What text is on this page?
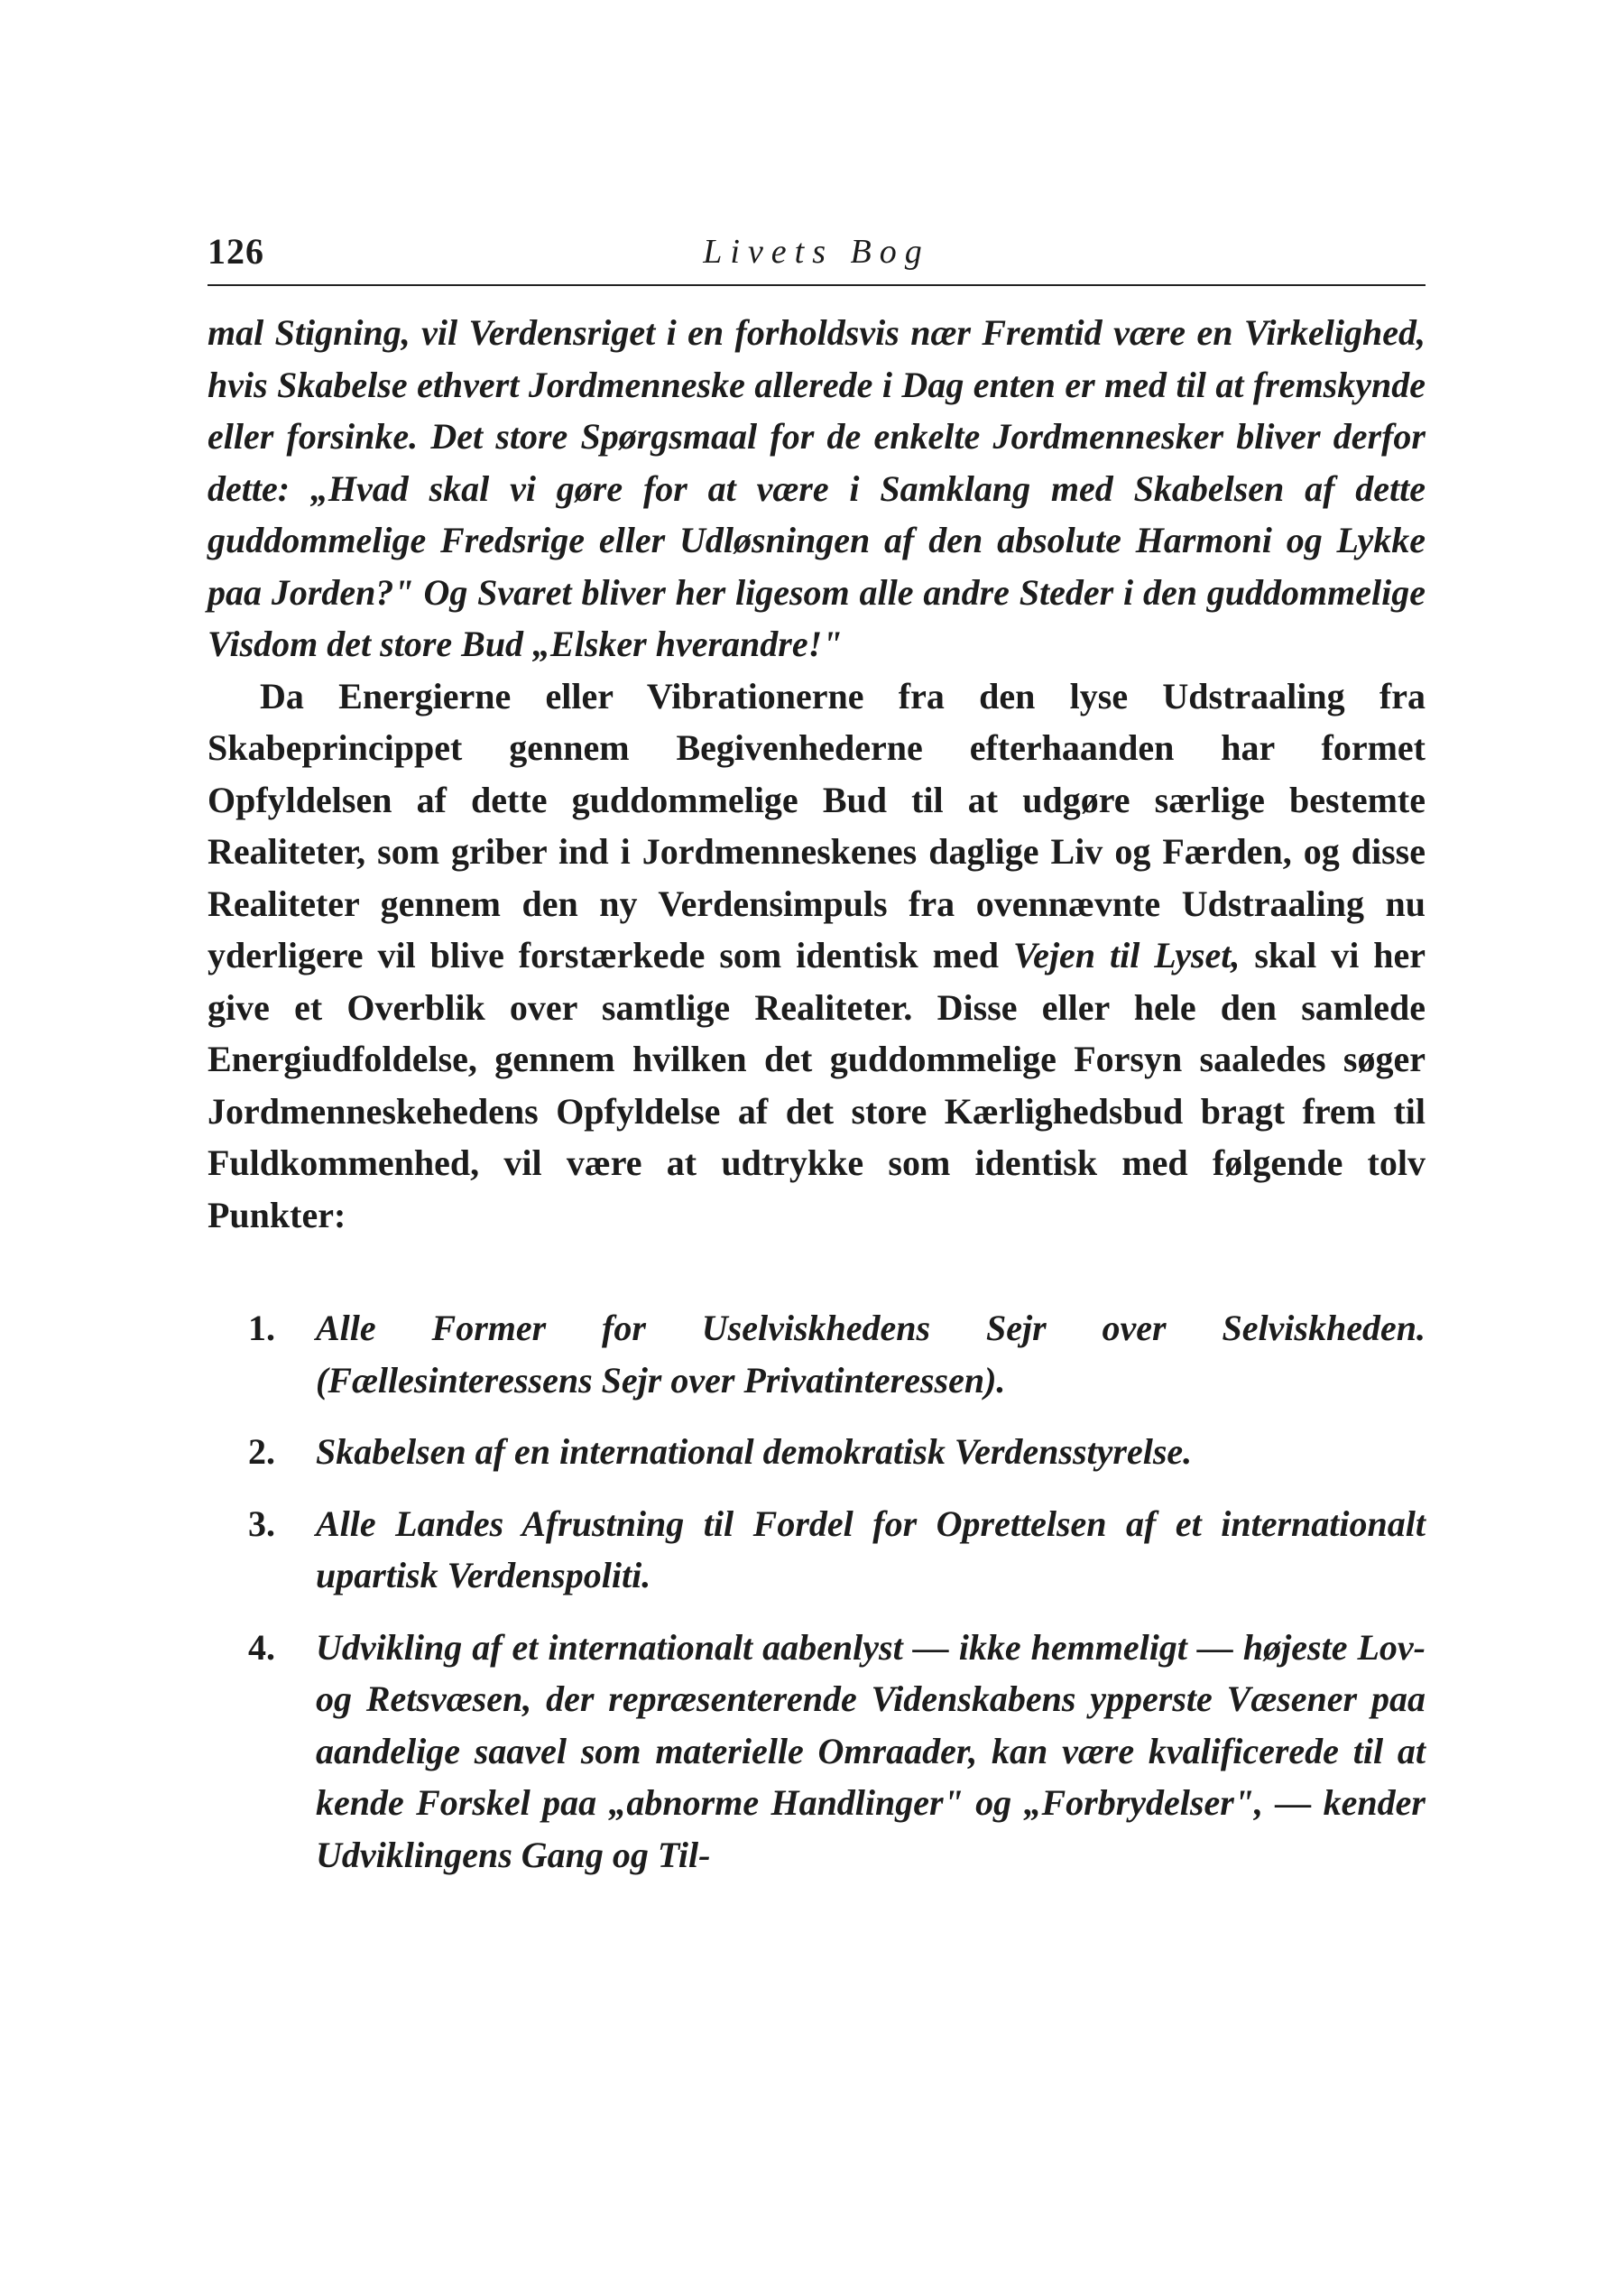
126	Livets Bog

mal Stigning, vil Verdensriget i en forholdsvis nær Fremtid være en Virkelighed, hvis Skabelse ethvert Jordmenneske allerede i Dag enten er med til at fremskynde eller forsinke. Det store Spørgsmaal for de enkelte Jordmennesker bliver derfor dette: „Hvad skal vi gøre for at være i Samklang med Skabelsen af dette guddommelige Fredsrige eller Udløsningen af den absolute Harmoni og Lykke paa Jorden?" Og Svaret bliver her ligesom alle andre Steder i den guddommelige Visdom det store Bud „Elsker hverandre!"

Da Energierne eller Vibrationerne fra den lyse Udstraaling fra Skabeprincippet gennem Begivenhederne efterhaanden har formet Opfyldelsen af dette guddommelige Bud til at udgøre særlige bestemte Realiteter, som griber ind i Jordmenneskenes daglige Liv og Færden, og disse Realiteter gennem den ny Verdensimpuls fra ovennævnte Udstraaling nu yderligere vil blive forstærkede som identisk med Vejen til Lyset, skal vi her give et Overblik over samtlige Realiteter. Disse eller hele den samlede Energiudfoldelse, gennem hvilken det guddommelige Forsyn saaledes søger Jordmenneskehedens Opfyldelse af det store Kærlighedsbud bragt frem til Fuldkommenhed, vil være at udtrykke som identisk med følgende tolv Punkter:

1. Alle Former for Uselviskhedens Sejr over Selviskheden. (Fællesinteressens Sejr over Privatinteressen).
2. Skabelsen af en international demokratisk Verdensstyrelse.
3. Alle Landes Afrustning til Fordel for Oprettelsen af et internationalt upartisk Verdenspoliti.
4. Udvikling af et internationalt aabenlyst — ikke hemmeligt — højeste Lov- og Retsvæsen, der repræsenterende Videnskabens ypperste Væsener paa aandelige saavel som materielle Omraader, kan være kvalificerede til at kende Forskel paa „abnorme Handlinger" og „Forbrydelser", — kender Udviklingens Gang og Til-
